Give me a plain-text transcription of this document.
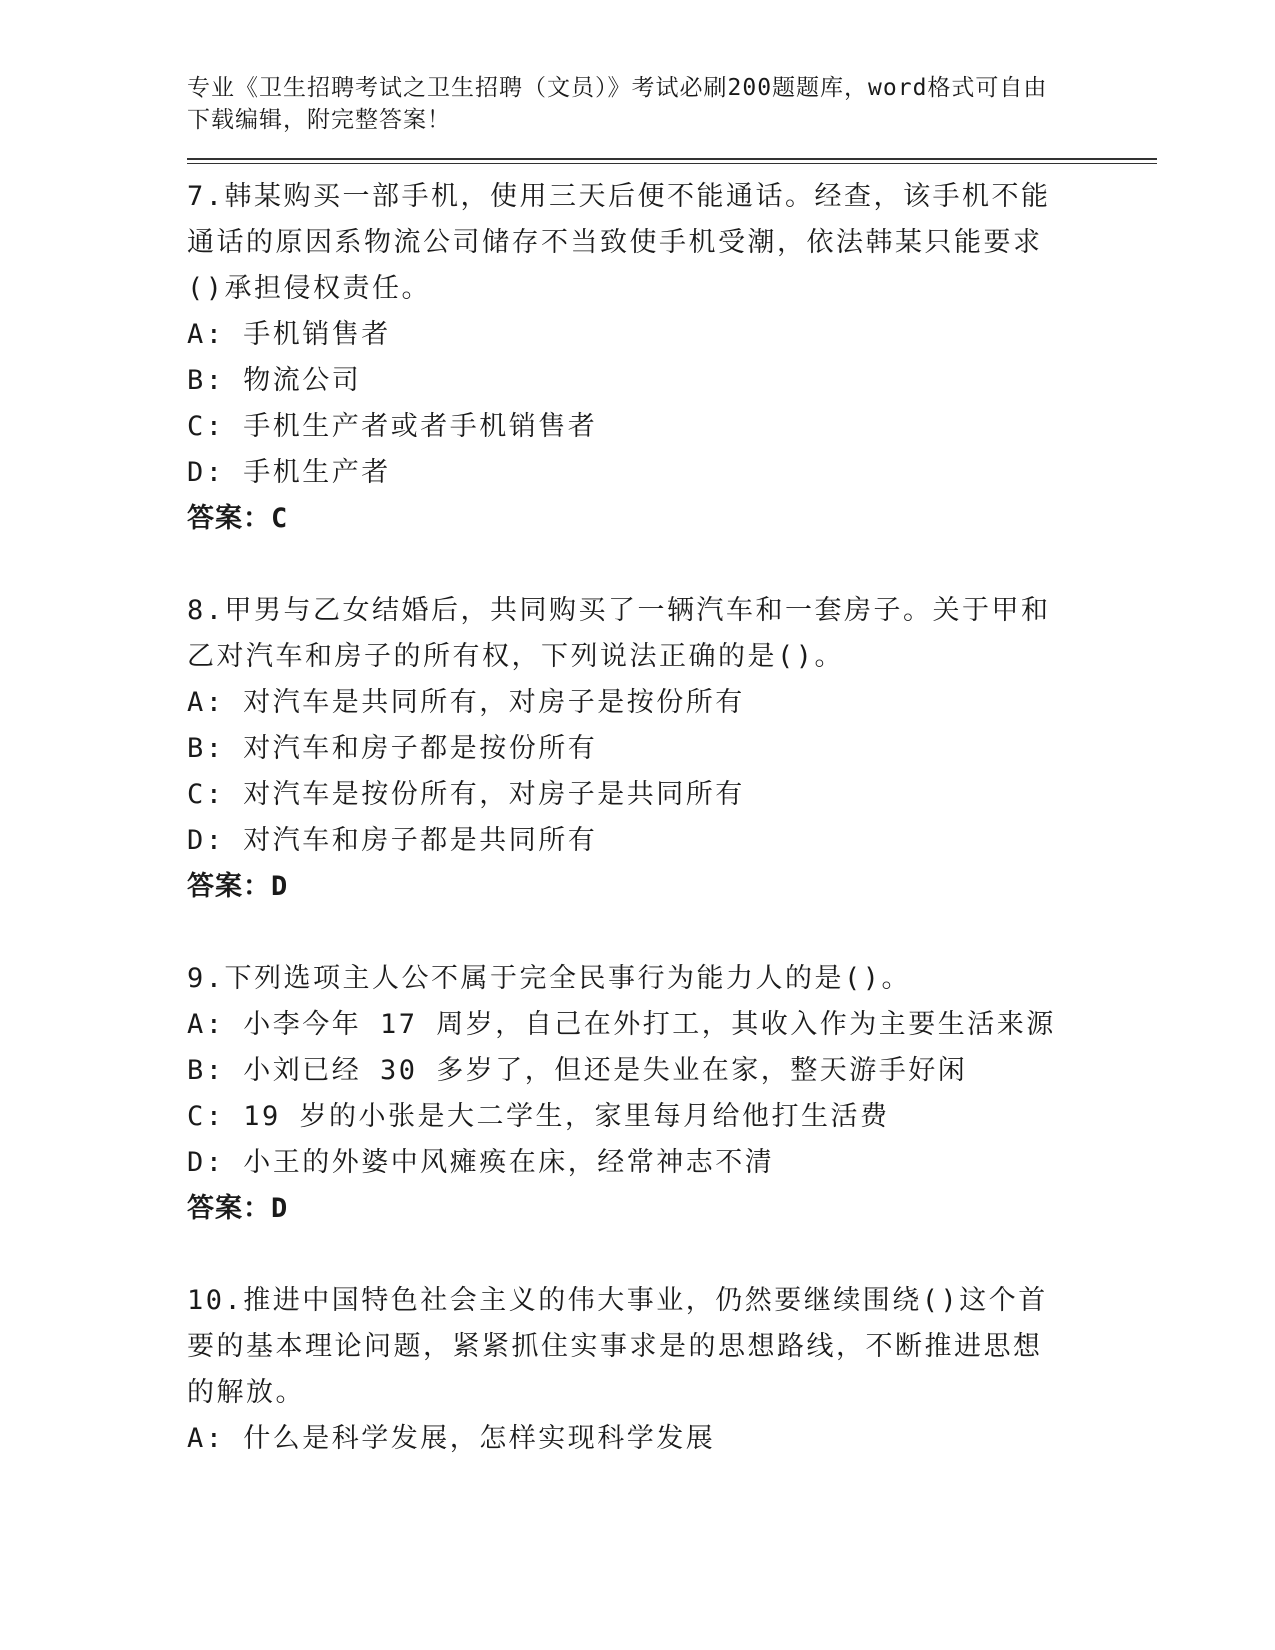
专业《卫生招聘考试之卫生招聘（文员）》考试必刷200题题库，word格式可自由下载编辑，附完整答案！
7.韩某购买一部手机，使用三天后便不能通话。经查，该手机不能通话的原因系物流公司储存不当致使手机受潮，依法韩某只能要求()承担侵权责任。
A: 手机销售者
B: 物流公司
C: 手机生产者或者手机销售者
D: 手机生产者
答案：C
8.甲男与乙女结婚后，共同购买了一辆汽车和一套房子。关于甲和乙对汽车和房子的所有权，下列说法正确的是()。
A: 对汽车是共同所有，对房子是按份所有
B: 对汽车和房子都是按份所有
C: 对汽车是按份所有，对房子是共同所有
D: 对汽车和房子都是共同所有
答案：D
9.下列选项主人公不属于完全民事行为能力人的是()。
A: 小李今年 17 周岁，自己在外打工，其收入作为主要生活来源
B: 小刘已经 30 多岁了，但还是失业在家，整天游手好闲
C: 19 岁的小张是大二学生，家里每月给他打生活费
D: 小王的外婆中风瘫痪在床，经常神志不清
答案：D
10.推进中国特色社会主义的伟大事业，仍然要继续围绕()这个首要的基本理论问题，紧紧抓住实事求是的思想路线，不断推进思想的解放。
A: 什么是科学发展，怎样实现科学发展
